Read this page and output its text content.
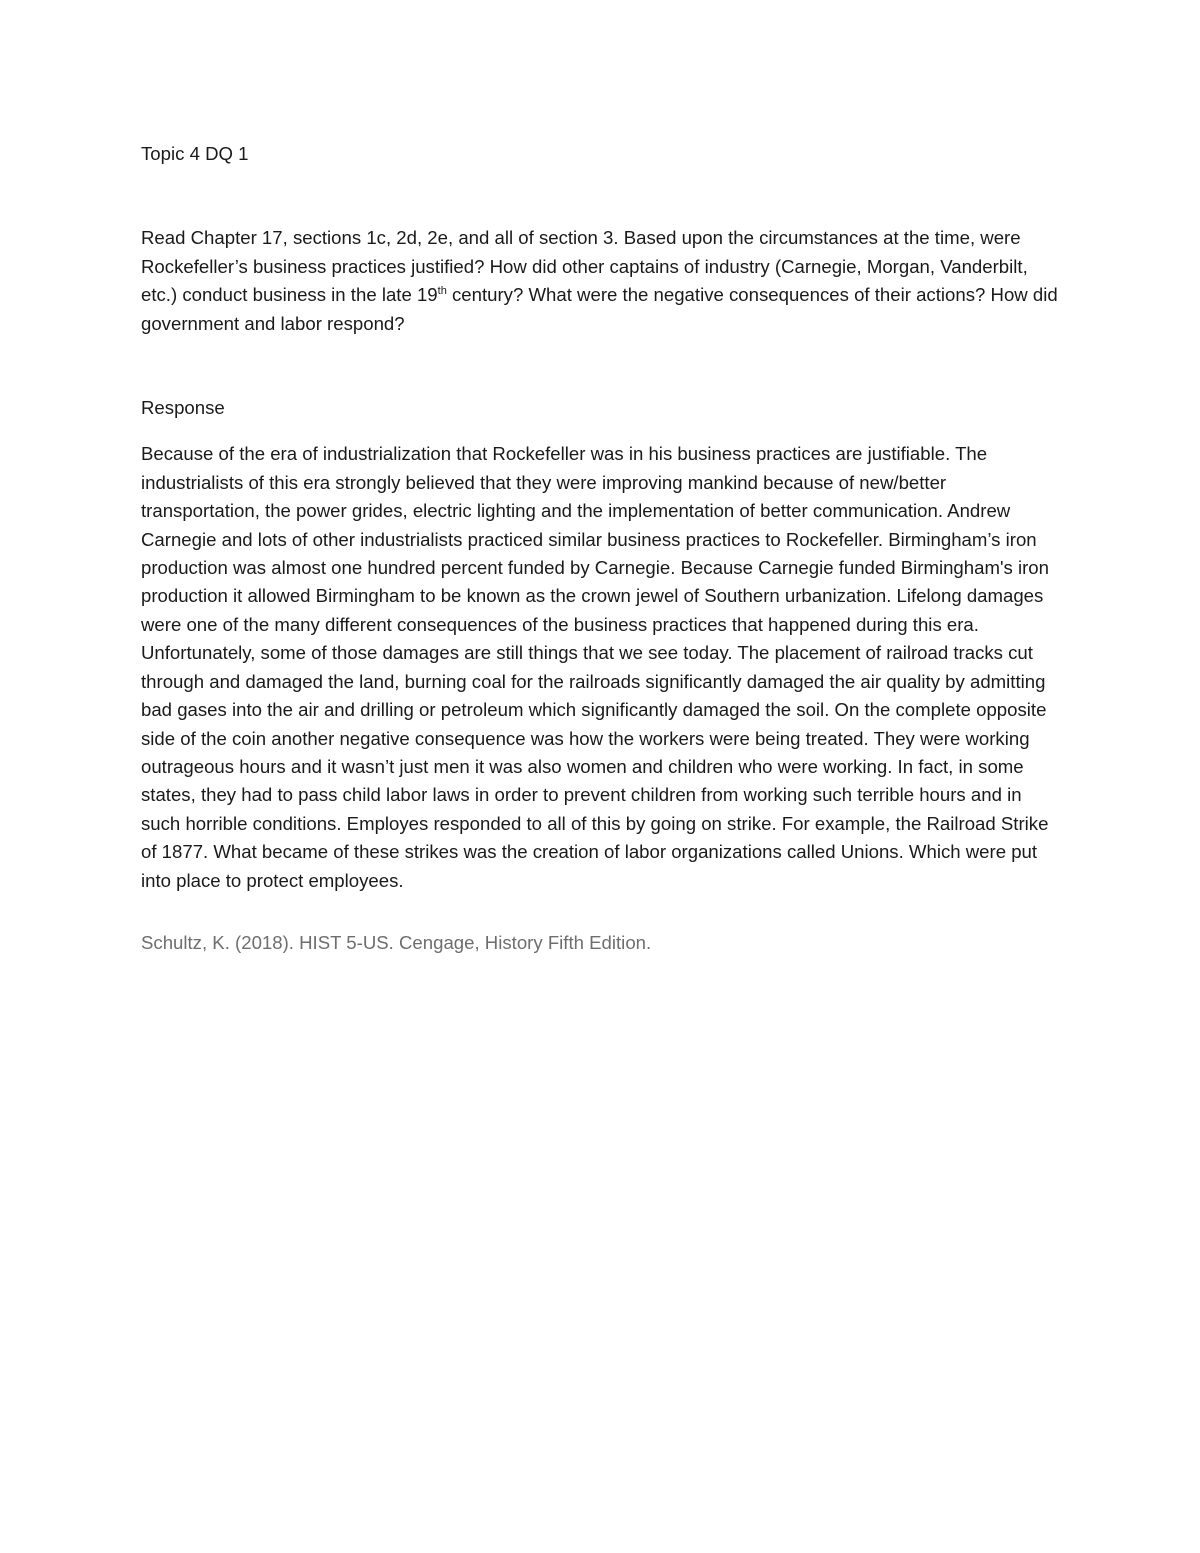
Topic 4 DQ 1

Read Chapter 17, sections 1c, 2d, 2e, and all of section 3. Based upon the circumstances at the time, were Rockefeller’s business practices justified? How did other captains of industry (Carnegie, Morgan, Vanderbilt, etc.) conduct business in the late 19th century? What were the negative consequences of their actions? How did government and labor respond?

Response

Because of the era of industrialization that Rockefeller was in his business practices are justifiable. The industrialists of this era strongly believed that they were improving mankind because of new/better transportation, the power grides, electric lighting and the implementation of better communication. Andrew Carnegie and lots of other industrialists practiced similar business practices to Rockefeller. Birmingham’s iron production was almost one hundred percent funded by Carnegie. Because Carnegie funded Birmingham's iron production it allowed Birmingham to be known as the crown jewel of Southern urbanization. Lifelong damages were one of the many different consequences of the business practices that happened during this era. Unfortunately, some of those damages are still things that we see today. The placement of railroad tracks cut through and damaged the land, burning coal for the railroads significantly damaged the air quality by admitting bad gases into the air and drilling or petroleum which significantly damaged the soil. On the complete opposite side of the coin another negative consequence was how the workers were being treated. They were working outrageous hours and it wasn’t just men it was also women and children who were working. In fact, in some states, they had to pass child labor laws in order to prevent children from working such terrible hours and in such horrible conditions. Employes responded to all of this by going on strike. For example, the Railroad Strike of 1877. What became of these strikes was the creation of labor organizations called Unions. Which were put into place to protect employees.

Schultz, K. (2018). HIST 5-US. Cengage, History Fifth Edition.
